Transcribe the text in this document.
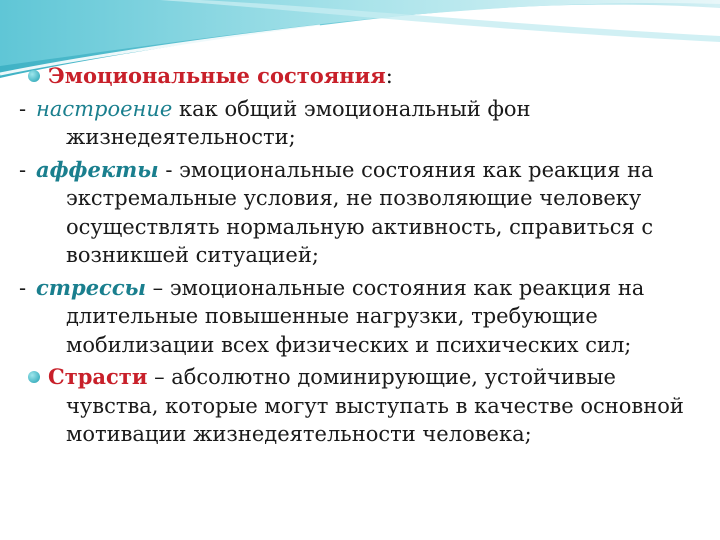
Эмоциональные состояния:

- настроение как общий эмоциональный фон жизнедеятельности;

- аффекты - эмоциональные состояния как реакция на экстремальные условия, не позволяющие человеку осуществлять нормальную активность, справиться с возникшей ситуацией;

- стрессы – эмоциональные состояния как реакция на длительные повышенные нагрузки, требующие мобилизации всех физических и психических сил;

Страсти – абсолютно доминирующие, устойчивые чувства, которые могут выступать в качестве основной мотивации жизнедеятельности человека;
